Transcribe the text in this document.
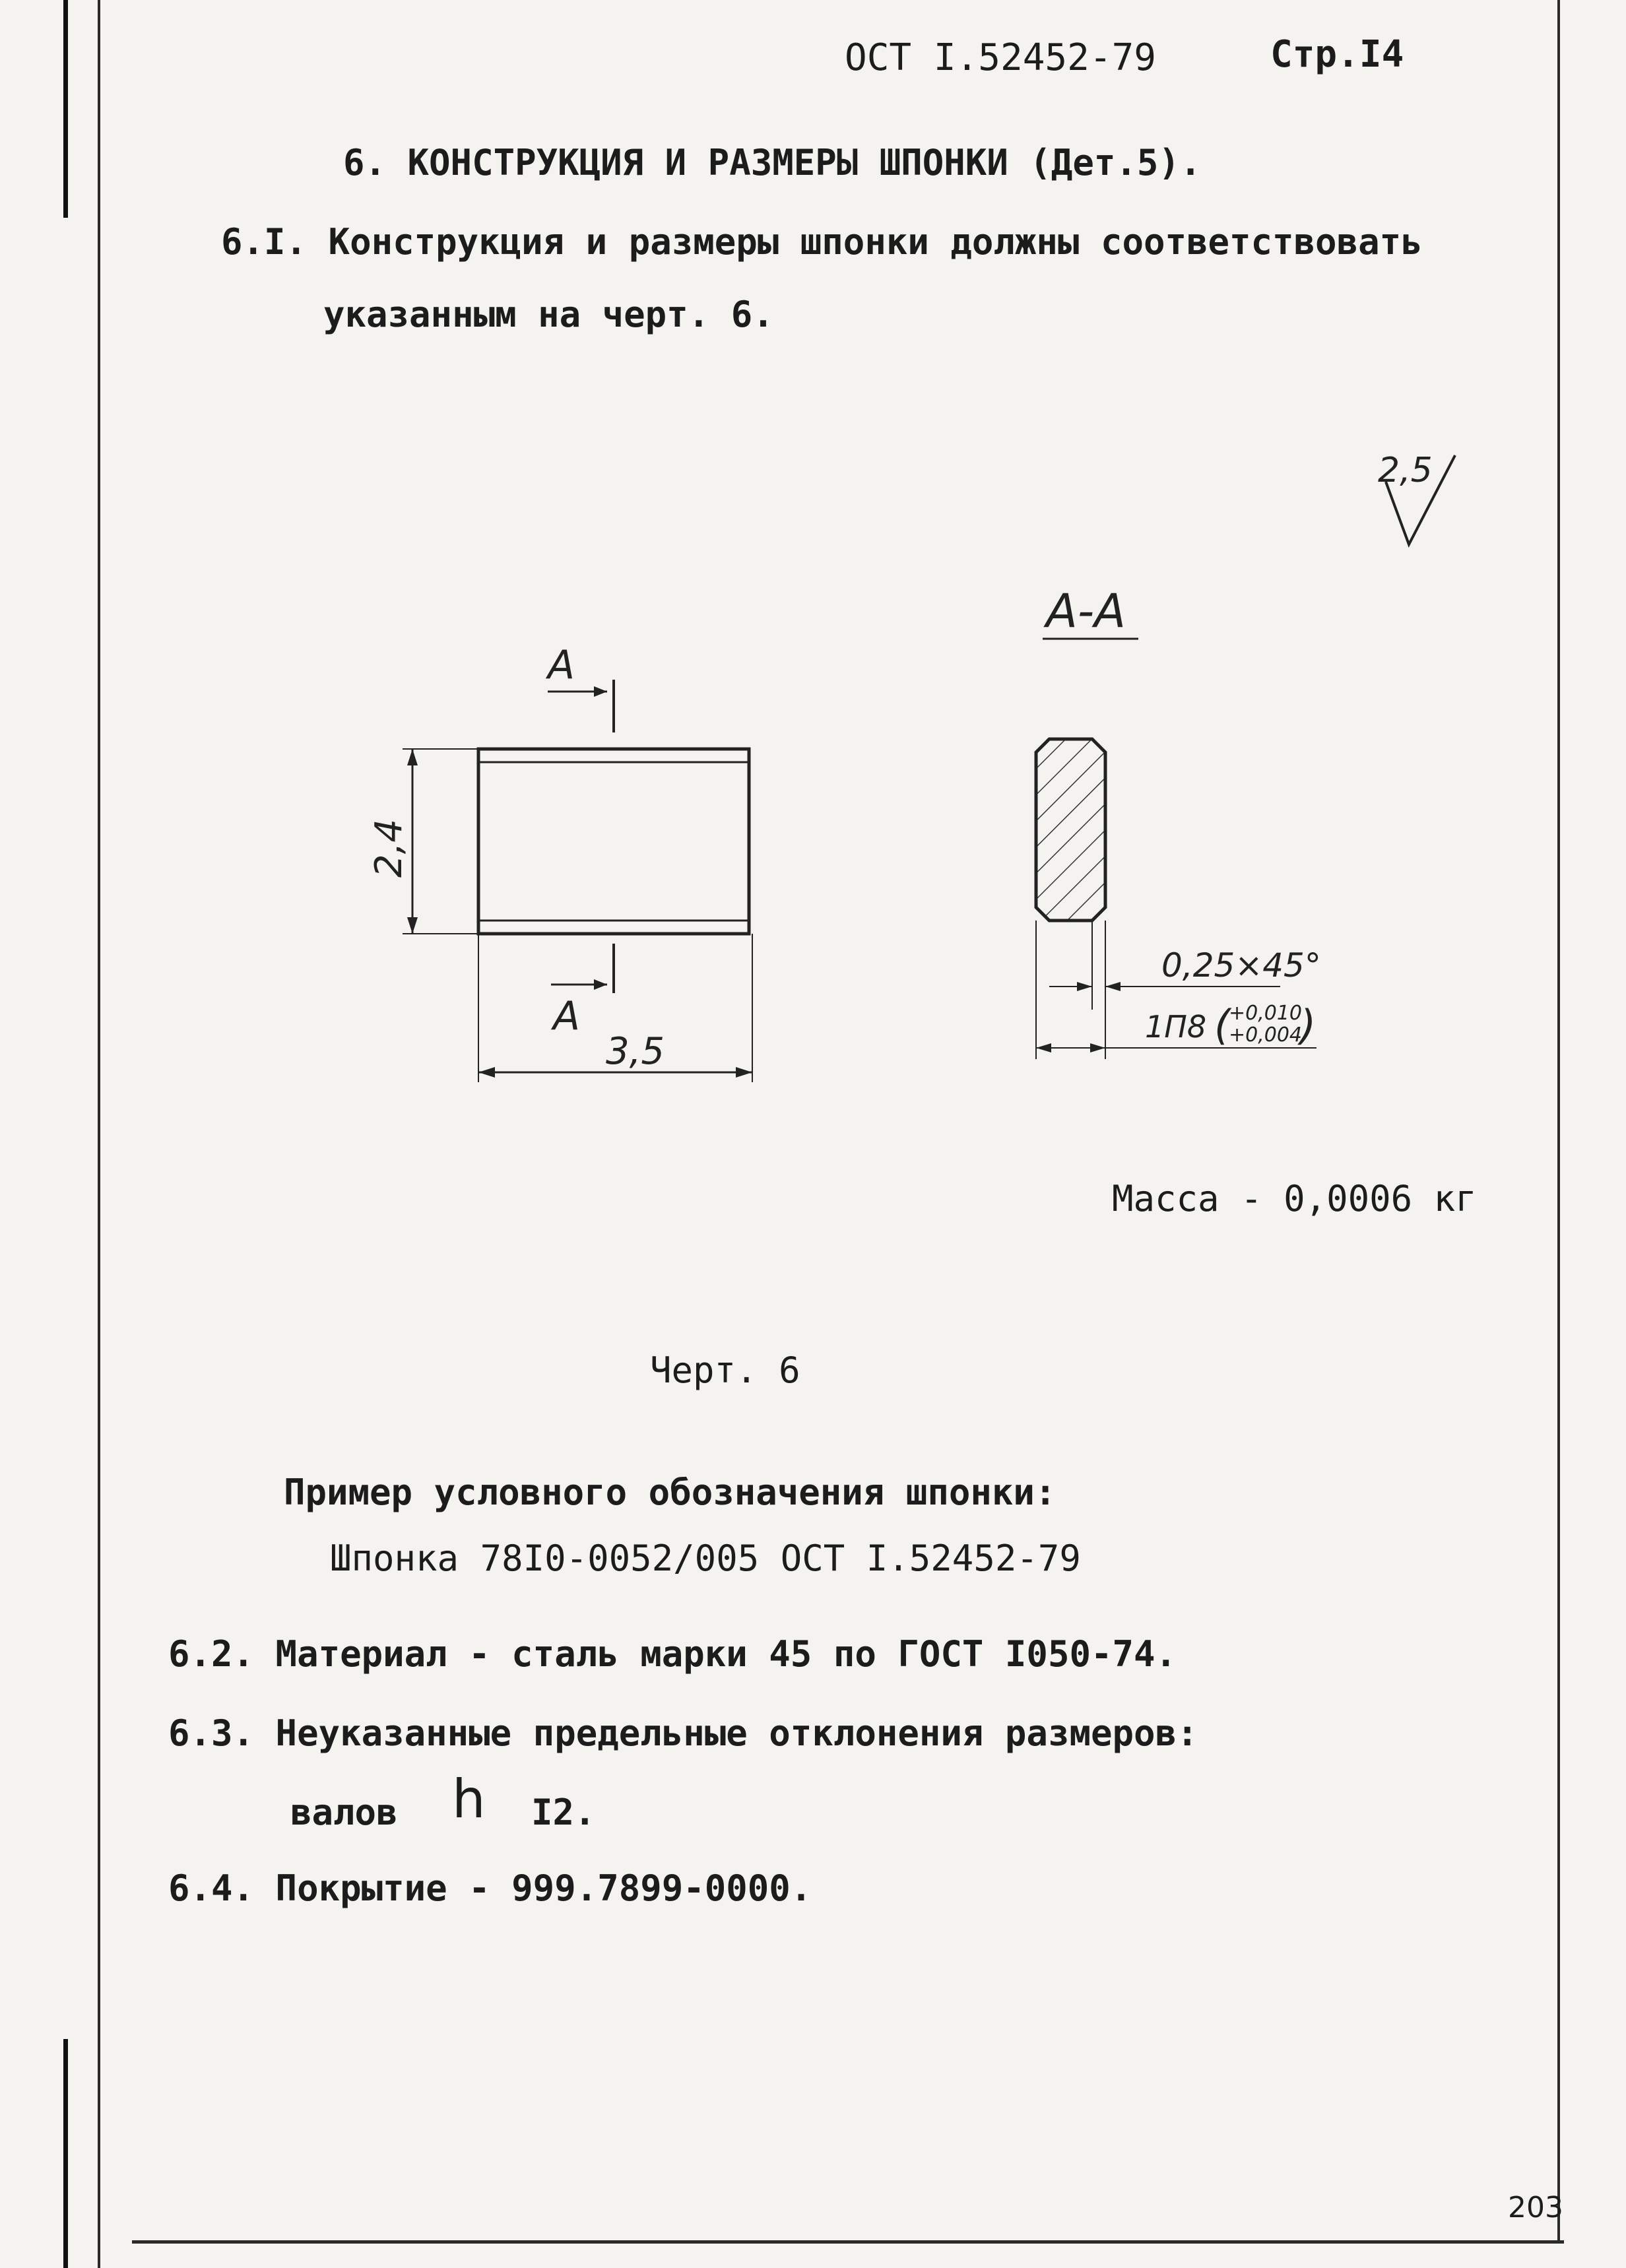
ОСТ І.52452-79	Стр.І4
6. КОНСТРУКЦИЯ И РАЗМЕРЫ ШПОНКИ (Дет.5).
6.І. Конструкция и размеры шпонки должны соответствовать
указанным на черт. 6.
2,5
А-А
А
А
2,4
3,5
0,25×45°
1П8 (
+0,010
+0,004
)
Масса - 0,0006 кг
Черт. 6
Пример условного обозначения шпонки:
Шпонка 78І0-0052/005 ОСТ І.52452-79
6.2. Материал - сталь марки 45 по ГОСТ І050-74.
6.3. Неуказанные предельные отклонения размеров:
валов h І2.
6.4. Покрытие - 999.7899-0000.
203
